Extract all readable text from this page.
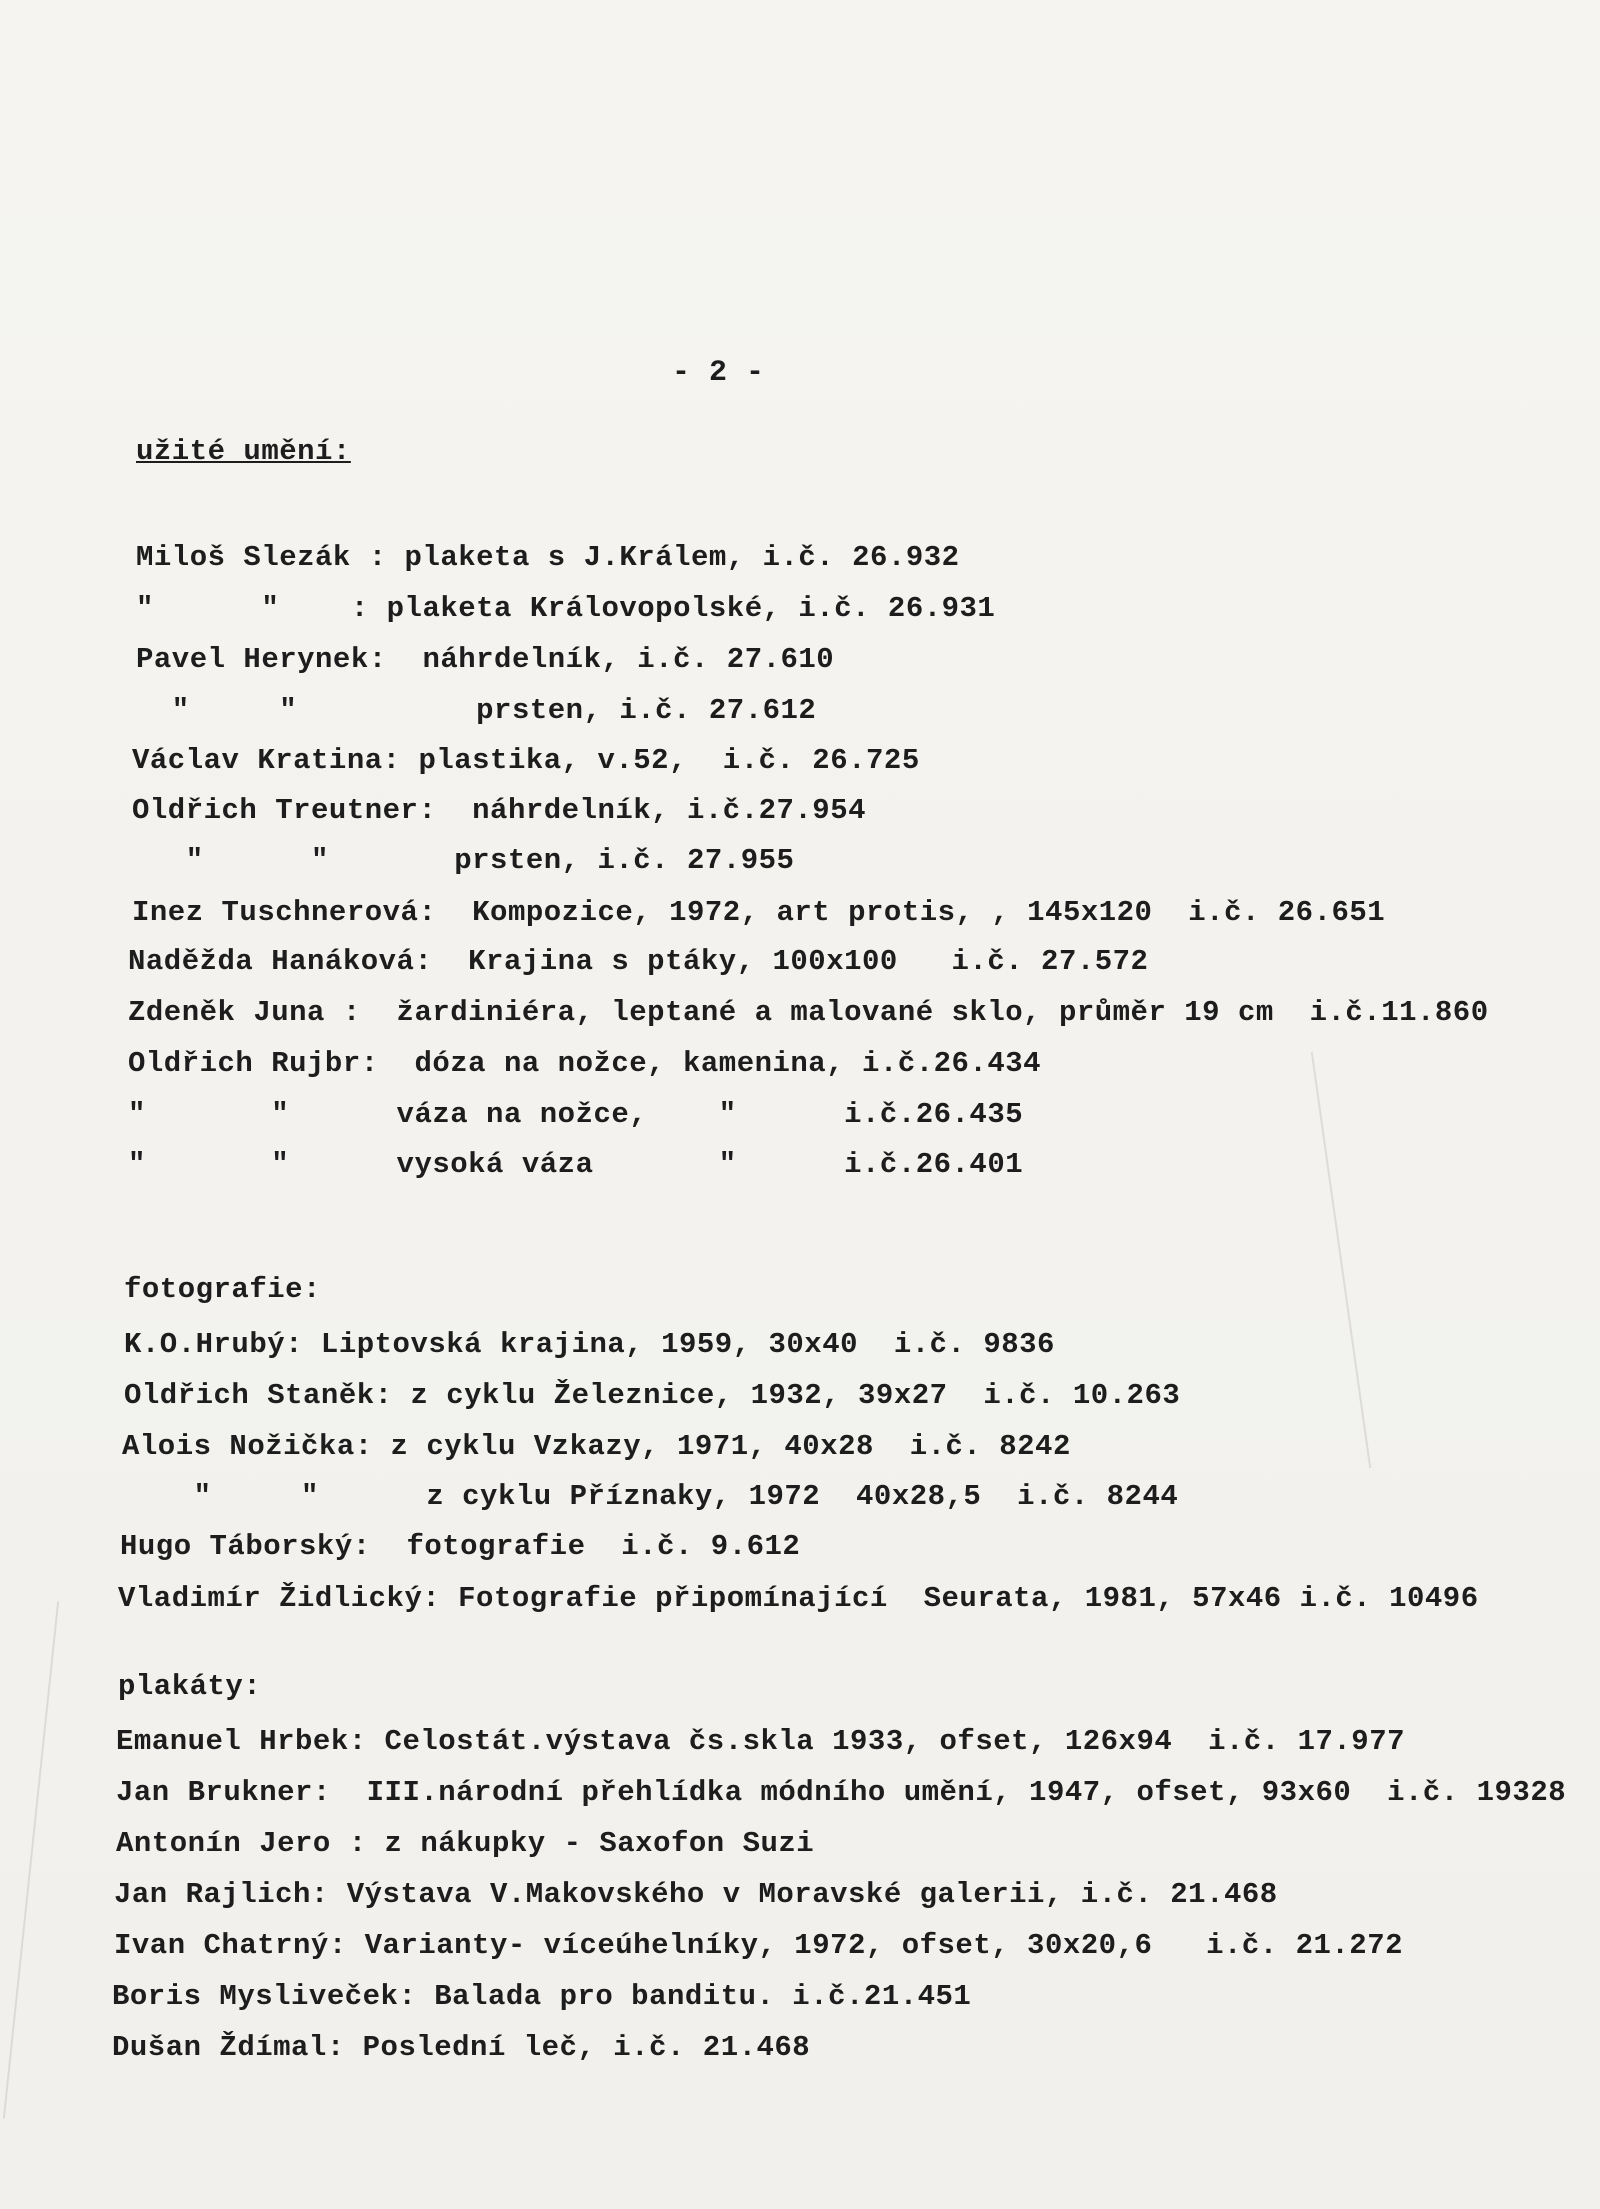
- 2 -
užité umění:
Miloš Slezák : plaketa s J.Králem, i.č. 26.932
"      "    : plaketa Královopolské, i.č. 26.931
Pavel Herynek:  náhrdelník, i.č. 27.610
"     "          prsten, i.č. 27.612
Václav Kratina: plastika, v.52,  i.č. 26.725
Oldřich Treutner:  náhrdelník, i.č.27.954
"      "       prsten, i.č. 27.955
Inez Tuschnerová:  Kompozice, 1972, art protis, , 145x120  i.č. 26.651
Naděžda Hanáková:  Krajina s ptáky, 100x100   i.č. 27.572
Zdeněk Juna :  žardiniéra, leptané a malované sklo, průměr 19 cm  i.č.11.860
Oldřich Rujbr:  dóza na nožce, kamenina, i.č.26.434
"       "      váza na nožce,    "      i.č.26.435
"       "      vysoká váza       "      i.č.26.401
fotografie:
K.O.Hrubý: Liptovská krajina, 1959, 30x40  i.č. 9836
Oldřich Staněk: z cyklu Železnice, 1932, 39x27  i.č. 10.263
Alois Nožička: z cyklu Vzkazy, 1971, 40x28  i.č. 8242
"     "      z cyklu Příznaky, 1972  40x28,5  i.č. 8244
Hugo Táborský:  fotografie  i.č. 9.612
Vladimír Židlický: Fotografie připomínající  Seurata, 1981, 57x46 i.č. 10496
plakáty:
Emanuel Hrbek: Celostát.výstava čs.skla 1933, ofset, 126x94  i.č. 17.977
Jan Brukner:  III.národní přehlídka módního umění, 1947, ofset, 93x60  i.č. 19328
Antonín Jero : z nákupky - Saxofon Suzi
Jan Rajlich: Výstava V.Makovského v Moravské galerii, i.č. 21.468
Ivan Chatrný: Varianty- víceúhelníky, 1972, ofset, 30x20,6   i.č. 21.272
Boris Mysliveček: Balada pro banditu. i.č.21.451
Dušan Ždímal: Poslední leč, i.č. 21.468
